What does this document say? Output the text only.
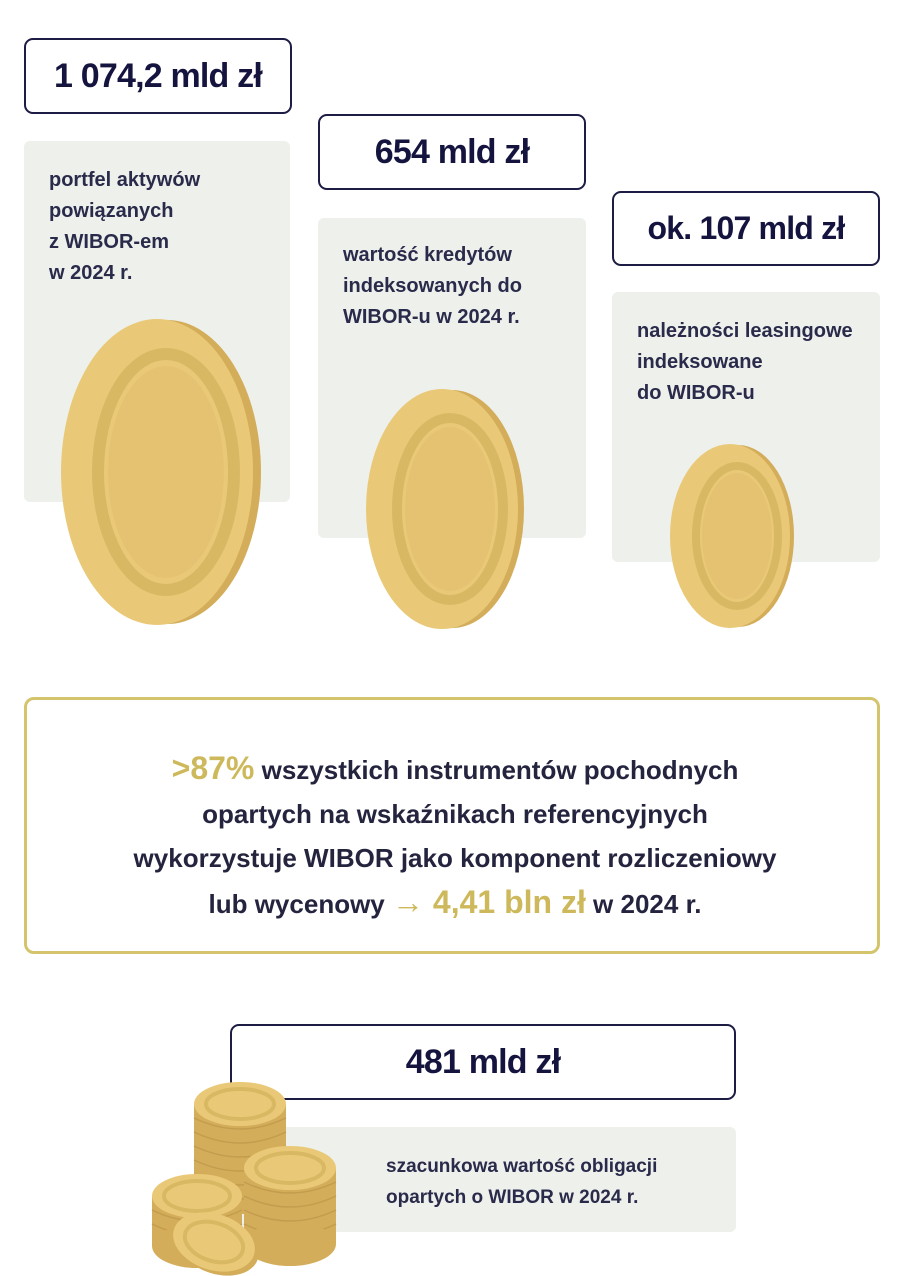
portfel aktywów
powiązanych
z WIBOR-em
w 2024 r.

1 074,2 mld zł

wartość kredytów
indeksowanych do
WIBOR-u w 2024 r.

654 mld zł

należności leasingowe
indeksowane
do WIBOR-u

ok. 107 mld zł

>87% wszystkich instrumentów pochodnych
opartych na wskaźnikach referencyjnych
wykorzystuje WIBOR jako komponent rozliczeniowy
lub wycenowy → 4,41 bln zł w 2024 r.

szacunkowa wartość obligacji
opartych o WIBOR w 2024 r.

481 mld zł
